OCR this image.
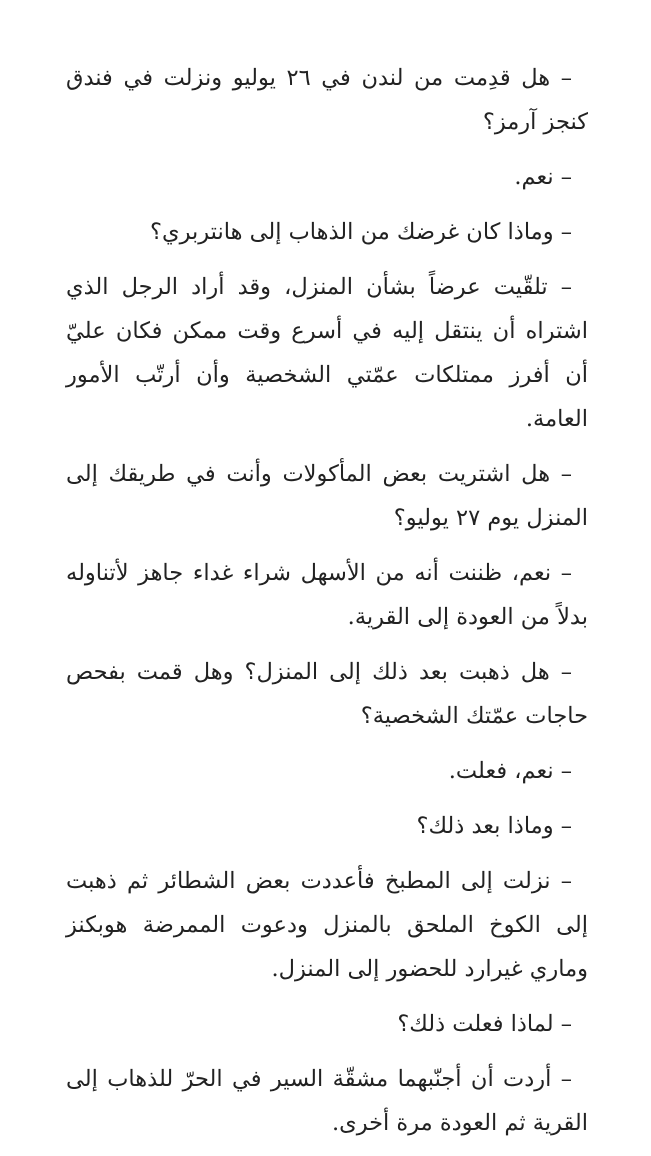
– هل قدِمت من لندن في ٢٦ يوليو ونزلت في فندق كنجز آرمز؟

– نعم.

– وماذا كان غرضك من الذهاب إلى هانتربري؟

– تلقّيت عرضاً بشأن المنزل، وقد أراد الرجل الذي اشتراه أن ينتقل إليه في أسرع وقت ممكن فكان عليّ أن أفرز ممتلكات عمّتي الشخصية وأن أرتّب الأمور العامة.

– هل اشتريت بعض المأكولات وأنت في طريقك إلى المنزل يوم ٢٧ يوليو؟

– نعم، ظننت أنه من الأسهل شراء غداء جاهز لأتناوله بدلاً من العودة إلى القرية.

– هل ذهبت بعد ذلك إلى المنزل؟ وهل قمت بفحص حاجات عمّتك الشخصية؟

– نعم، فعلت.

– وماذا بعد ذلك؟

– نزلت إلى المطبخ فأعددت بعض الشطائر ثم ذهبت إلى الكوخ الملحق بالمنزل ودعوت الممرضة هوبكنز وماري غيرارد للحضور إلى المنزل.

– لماذا فعلت ذلك؟

– أردت أن أجنّبهما مشقّة السير في الحرّ للذهاب إلى القرية ثم العودة مرة أخرى.
